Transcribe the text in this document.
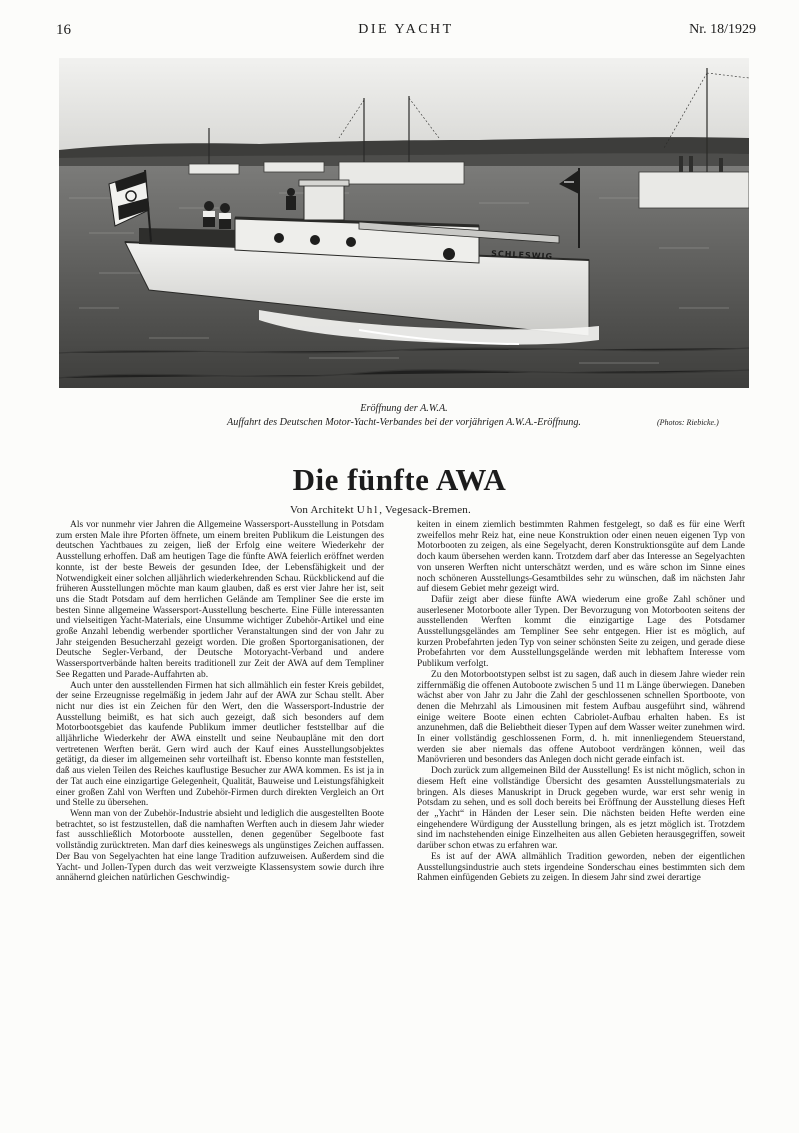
16	DIE YACHT	Nr. 18/1929
SCHLESWIG
Eröffnung der A.W.A.
Auffahrt des Deutschen Motor-Yacht-Verbandes bei der vorjährigen A.W.A.-Eröffnung.	(Photos: Riebicke.)
Die fünfte AWA
Von Architekt Uhl, Vegesack-Bremen.

Als vor nunmehr vier Jahren die Allgemeine Wassersport-Ausstellung in Potsdam zum ersten Male ihre Pforten öffnete, um einem breiten Publikum die Leistungen des deutschen Yachtbaues zu zeigen, ließ der Erfolg eine weitere Wiederkehr der Ausstellung erhoffen. Daß am heutigen Tage die fünfte AWA feierlich eröffnet werden konnte, ist der beste Beweis der gesunden Idee, der Lebensfähigkeit und der Notwendigkeit einer solchen alljährlich wiederkehrenden Schau. Rückblickend auf die früheren Ausstellungen möchte man kaum glauben, daß es erst vier Jahre her ist, seit uns die Stadt Potsdam auf dem herrlichen Gelände am Templiner See die erste im besten Sinne allgemeine Wassersport-Ausstellung bescherte. Eine Fülle interessanten und vielseitigen Yacht-Materials, eine Unsumme wichtiger Zubehör-Artikel und eine große Anzahl lebendig werbender sportlicher Veranstaltungen sind der von Jahr zu Jahr steigenden Besucherzahl gezeigt worden. Die großen Sportorganisationen, der Deutsche Segler-Verband, der Deutsche Motoryacht-Verband und andere Wassersportverbände halten bereits traditionell zur Zeit der AWA auf dem Templiner See Regatten und Parade-Auffahrten ab.

Auch unter den ausstellenden Firmen hat sich allmählich ein fester Kreis gebildet, der seine Erzeugnisse regelmäßig in jedem Jahr auf der AWA zur Schau stellt. Aber nicht nur dies ist ein Zeichen für den Wert, den die Wassersport-Industrie der Ausstellung beimißt, es hat sich auch gezeigt, daß sich besonders auf dem Motorbootsgebiet das kaufende Publikum immer deutlicher feststellbar auf die alljährliche Wiederkehr der AWA einstellt und seine Neubaupläne mit den dort vertretenen Werften berät. Gern wird auch der Kauf eines Ausstellungsobjektes getätigt, da dieser im allgemeinen sehr vorteilhaft ist. Ebenso konnte man feststellen, daß aus vielen Teilen des Reiches kauflustige Besucher zur AWA kommen. Es ist ja in der Tat auch eine einzigartige Gelegenheit, Qualität, Bauweise und Leistungsfähigkeit einer großen Zahl von Werften und Zubehör-Firmen durch direkten Vergleich an Ort und Stelle zu übersehen.

Wenn man von der Zubehör-Industrie absieht und lediglich die ausgestellten Boote betrachtet, so ist festzustellen, daß die namhaften Werften auch in diesem Jahr wieder fast ausschließlich Motorboote ausstellen, denen gegenüber Segelboote fast vollständig zurücktreten. Man darf dies keineswegs als ungünstiges Zeichen auffassen. Der Bau von Segelyachten hat eine lange Tradition aufzuweisen. Außerdem sind die Yacht- und Jollen-Typen durch das weit verzweigte Klassensystem sowie durch ihre annähernd gleichen natürlichen Geschwindig-

keiten in einem ziemlich bestimmten Rahmen festgelegt, so daß es für eine Werft zweifellos mehr Reiz hat, eine neue Konstruktion oder einen neuen eigenen Typ von Motorbooten zu zeigen, als eine Segelyacht, deren Konstruktionsgüte auf dem Lande doch kaum übersehen werden kann. Trotzdem darf aber das Interesse an Segelyachten von unseren Werften nicht unterschätzt werden, und es wäre schon im Sinne eines noch schöneren Ausstellungs-Gesamtbildes sehr zu wünschen, daß im nächsten Jahr auf diesem Gebiet mehr gezeigt wird.

Dafür zeigt aber diese fünfte AWA wiederum eine große Zahl schöner und auserlesener Motorboote aller Typen. Der Bevorzugung von Motorbooten seitens der ausstellenden Werften kommt die einzigartige Lage des Potsdamer Ausstellungsgeländes am Templiner See sehr entgegen. Hier ist es möglich, auf kurzen Probefahrten jeden Typ von seiner schönsten Seite zu zeigen, und gerade diese Probefahrten vor dem Ausstellungsgelände werden mit lebhaftem Interesse vom Publikum verfolgt.

Zu den Motorbootstypen selbst ist zu sagen, daß auch in diesem Jahre wieder rein ziffernmäßig die offenen Autoboote zwischen 5 und 11 m Länge überwiegen. Daneben wächst aber von Jahr zu Jahr die Zahl der geschlossenen schnellen Sportboote, von denen die Mehrzahl als Limousinen mit festem Aufbau ausgeführt sind, während einige weitere Boote einen echten Cabriolet-Aufbau erhalten haben. Es ist anzunehmen, daß die Beliebtheit dieser Typen auf dem Wasser weiter zunehmen wird. In einer vollständig geschlossenen Form, d. h. mit innenliegendem Steuerstand, werden sie aber niemals das offene Autoboot verdrängen können, weil das Manövrieren und besonders das Anlegen doch nicht gerade einfach ist.

Doch zurück zum allgemeinen Bild der Ausstellung! Es ist nicht möglich, schon in diesem Heft eine vollständige Übersicht des gesamten Ausstellungsmaterials zu bringen. Als dieses Manuskript in Druck gegeben wurde, war erst sehr wenig in Potsdam zu sehen, und es soll doch bereits bei Eröffnung der Ausstellung dieses Heft der „Yacht“ in Händen der Leser sein. Die nächsten beiden Hefte werden eine eingehendere Würdigung der Ausstellung bringen, als es jetzt möglich ist. Trotzdem sind im nachstehenden einige Einzelheiten aus allen Gebieten herausgegriffen, soweit darüber schon etwas zu erfahren war.

Es ist auf der AWA allmählich Tradition geworden, neben der eigentlichen Ausstellungsindustrie auch stets irgendeine Sonderschau eines bestimmten sich dem Rahmen einfügenden Gebiets zu zeigen. In diesem Jahr sind zwei derartige
